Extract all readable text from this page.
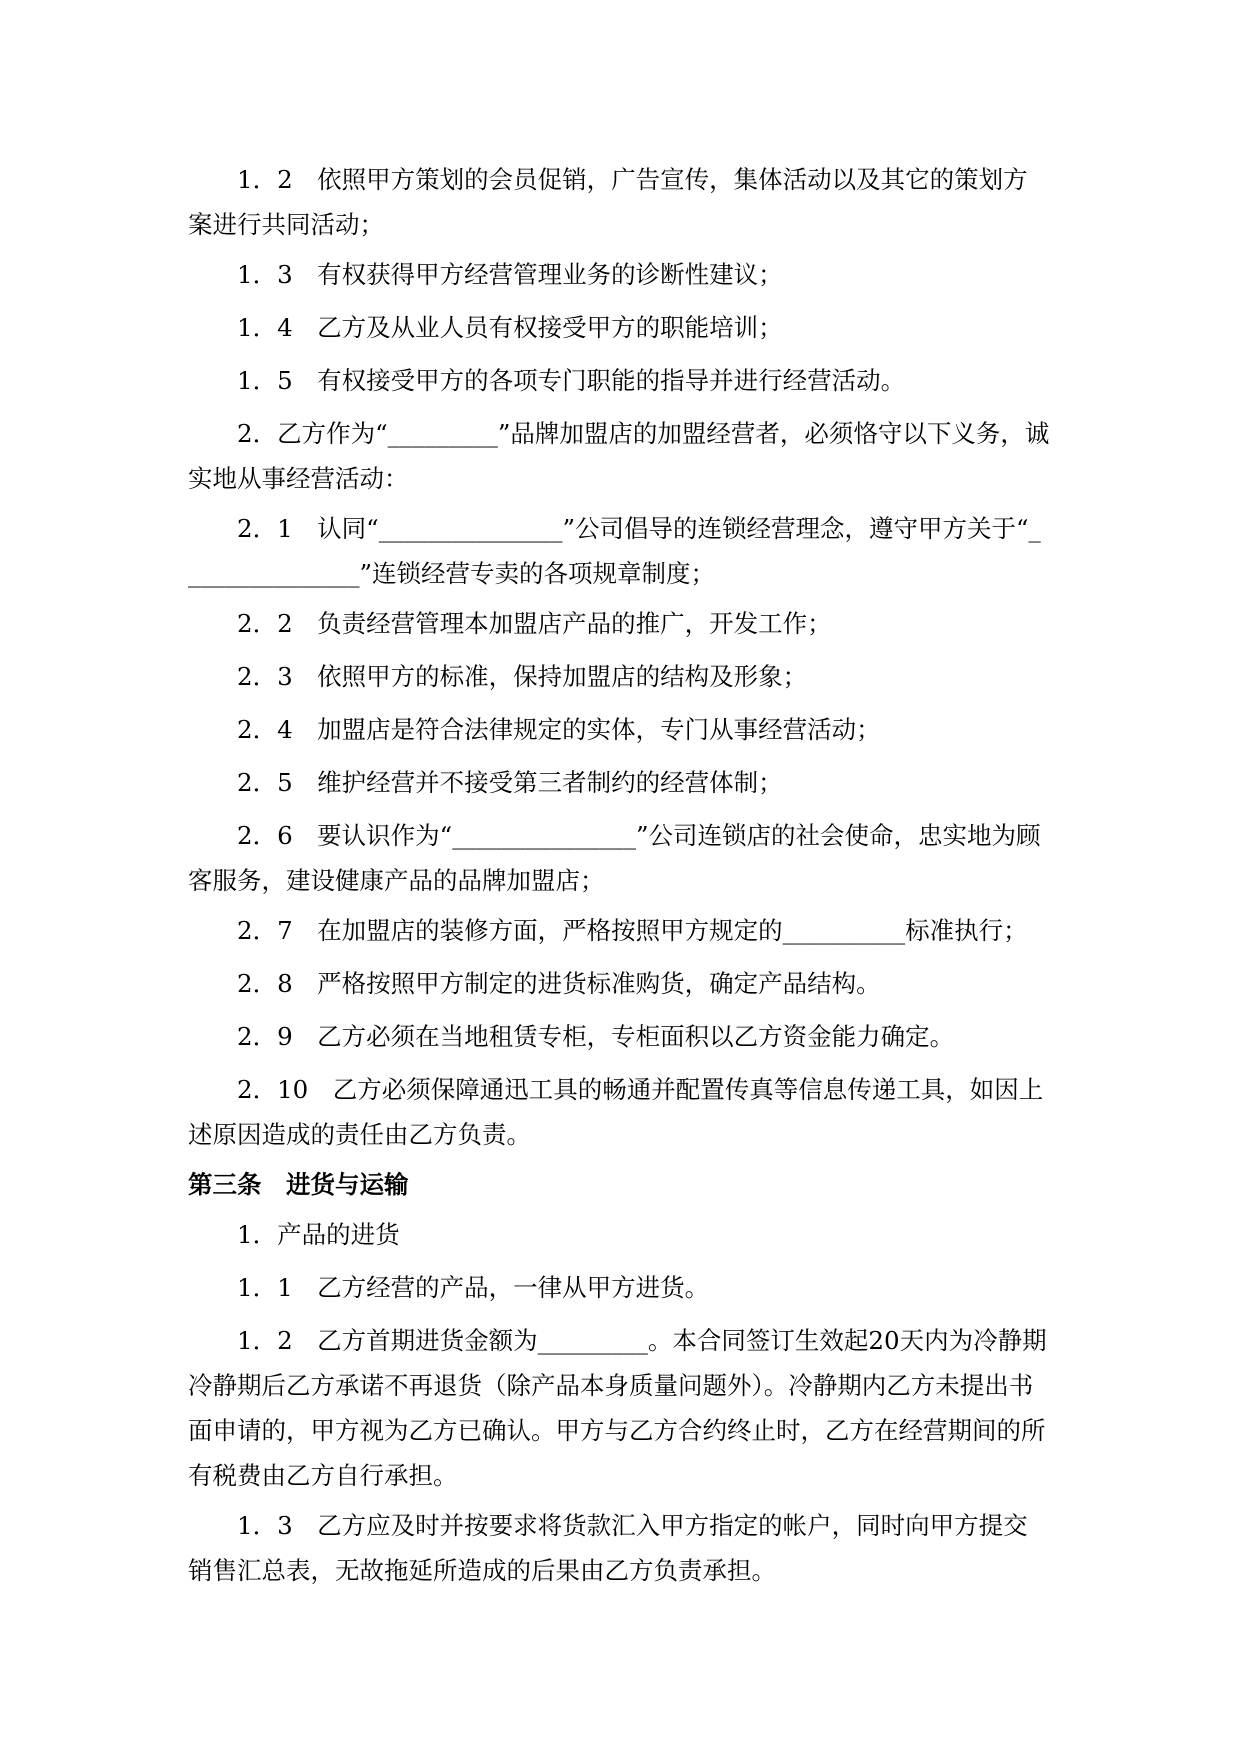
1．2　依照甲方策划的会员促销，广告宣传，集体活动以及其它的策划方案进行共同活动；

1．3　有权获得甲方经营管理业务的诊断性建议；

1．4　乙方及从业人员有权接受甲方的职能培训；

1．5　有权接受甲方的各项专门职能的指导并进行经营活动。

2．乙方作为“_________”品牌加盟店的加盟经营者，必须恪守以下义务，诚实地从事经营活动：

2．1　认同“_______________”公司倡导的连锁经营理念，遵守甲方关于“_______________”连锁经营专卖的各项规章制度；

2．2　负责经营管理本加盟店产品的推广，开发工作；

2．3　依照甲方的标准，保持加盟店的结构及形象；

2．4　加盟店是符合法律规定的实体，专门从事经营活动；

2．5　维护经营并不接受第三者制约的经营体制；

2．6　要认识作为“_______________”公司连锁店的社会使命，忠实地为顾客服务，建设健康产品的品牌加盟店；

2．7　在加盟店的装修方面，严格按照甲方规定的__________标准执行；

2．8　严格按照甲方制定的进货标准购货，确定产品结构。

2．9　乙方必须在当地租赁专柜，专柜面积以乙方资金能力确定。

2．10　乙方必须保障通迅工具的畅通并配置传真等信息传递工具，如因上述原因造成的责任由乙方负责。

第三条　进货与运输

1．产品的进货

1．1　乙方经营的产品，一律从甲方进货。

1．2　乙方首期进货金额为_________。本合同签订生效起20天内为冷静期冷静期后乙方承诺不再退货（除产品本身质量问题外）。冷静期内乙方未提出书面申请的，甲方视为乙方已确认。甲方与乙方合约终止时，乙方在经营期间的所有税费由乙方自行承担。

1．3　乙方应及时并按要求将货款汇入甲方指定的帐户，同时向甲方提交销售汇总表，无故拖延所造成的后果由乙方负责承担。
